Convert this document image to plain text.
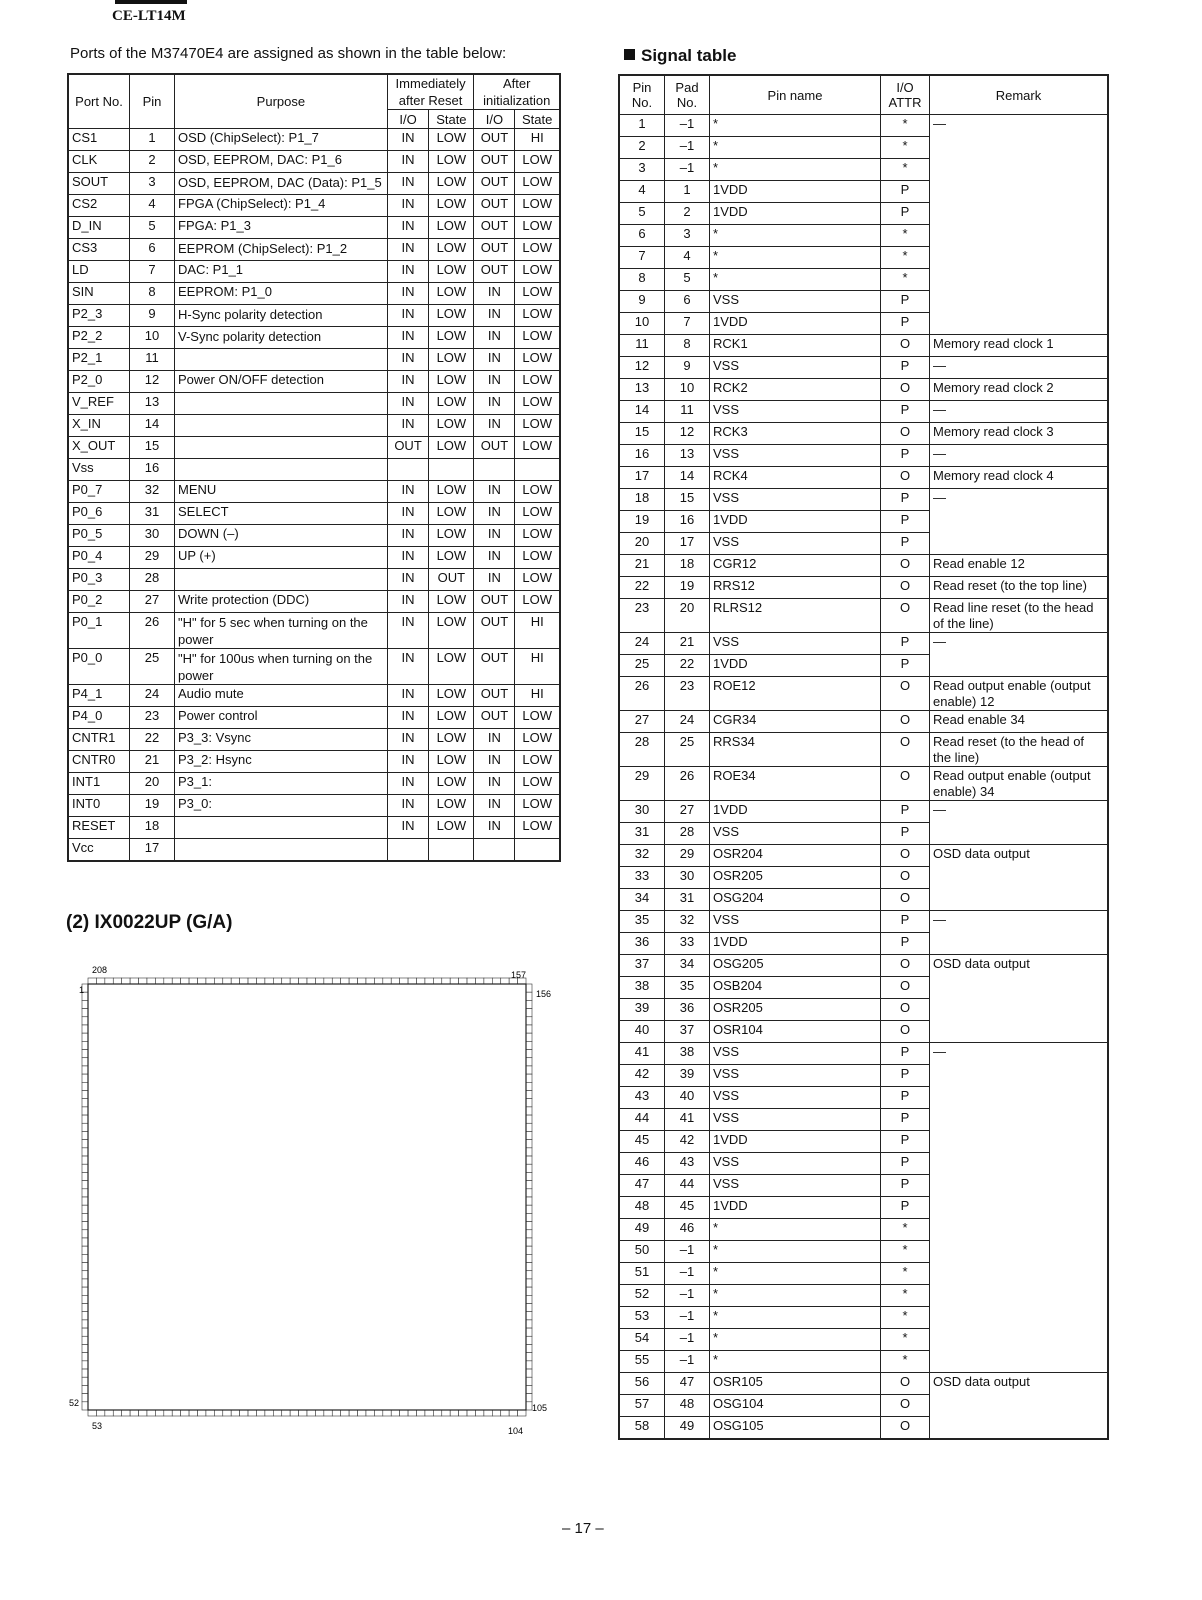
CE-LT14M
Ports of the M37470E4 are assigned as shown in the table below:
Port No.	Pin	Purpose	Immediately after Reset		After initialization	
			I/O	State	I/O	State
CS1	1	OSD (ChipSelect): P1_7	IN	LOW	OUT	HI
CLK	2	OSD, EEPROM, DAC: P1_6	IN	LOW	OUT	LOW
SOUT	3	OSD, EEPROM, DAC (Data): P1_5	IN	LOW	OUT	LOW
CS2	4	FPGA (ChipSelect): P1_4	IN	LOW	OUT	LOW
D_IN	5	FPGA: P1_3	IN	LOW	OUT	LOW
CS3	6	EEPROM (ChipSelect): P1_2	IN	LOW	OUT	LOW
LD	7	DAC: P1_1	IN	LOW	OUT	LOW
SIN	8	EEPROM: P1_0	IN	LOW	IN	LOW
P2_3	9	H-Sync polarity detection	IN	LOW	IN	LOW
P2_2	10	V-Sync polarity detection	IN	LOW	IN	LOW
P2_1	11		IN	LOW	IN	LOW
P2_0	12	Power ON/OFF detection	IN	LOW	IN	LOW
V_REF	13		IN	LOW	IN	LOW
X_IN	14		IN	LOW	IN	LOW
X_OUT	15		OUT	LOW	OUT	LOW
Vss	16					
P0_7	32	MENU	IN	LOW	IN	LOW
P0_6	31	SELECT	IN	LOW	IN	LOW
P0_5	30	DOWN (–)	IN	LOW	IN	LOW
P0_4	29	UP (+)	IN	LOW	IN	LOW
P0_3	28		IN	OUT	IN	LOW
P0_2	27	Write protection (DDC)	IN	LOW	OUT	LOW
P0_1	26	"H" for 5 sec when turning on the power	IN	LOW	OUT	HI
P0_0	25	"H" for 100us when turning on the power	IN	LOW	OUT	HI
P4_1	24	Audio mute	IN	LOW	OUT	HI
P4_0	23	Power control	IN	LOW	OUT	LOW
CNTR1	22	P3_3: Vsync	IN	LOW	IN	LOW
CNTR0	21	P3_2: Hsync	IN	LOW	IN	LOW
INT1	20	P3_1:	IN	LOW	IN	LOW
INT0	19	P3_0:	IN	LOW	IN	LOW
RESET	18		IN	LOW	IN	LOW
Vcc	17					
(2) IX0022UP (G/A)
208	157
1	156
52
53
105
104
Signal table
Pin No.	Pad No.	Pin name	I/O ATTR	Remark
1	–1	*	*	—
2	–1	*	*	
3	–1	*	*	
4	1	1VDD	P	
5	2	1VDD	P	
6	3	*	*	
7	4	*	*	
8	5	*	*	
9	6	VSS	P	
10	7	1VDD	P	
11	8	RCK1	O	Memory read clock 1
12	9	VSS	P	—
13	10	RCK2	O	Memory read clock 2
14	11	VSS	P	—
15	12	RCK3	O	Memory read clock 3
16	13	VSS	P	—
17	14	RCK4	O	Memory read clock 4
18	15	VSS	P	—
19	16	1VDD	P	
20	17	VSS	P	
21	18	CGR12	O	Read enable 12
22	19	RRS12	O	Read reset (to the top line)
23	20	RLRS12	O	Read line reset (to the head of the line)
24	21	VSS	P	—
25	22	1VDD	P	
26	23	ROE12	O	Read output enable (output enable) 12
27	24	CGR34	O	Read enable 34
28	25	RRS34	O	Read reset (to the head of the line)
29	26	ROE34	O	Read output enable (output enable) 34
30	27	1VDD	P	—
31	28	VSS	P	
32	29	OSR204	O	OSD data output
33	30	OSR205	O	
34	31	OSG204	O	
35	32	VSS	P	—
36	33	1VDD	P	
37	34	OSG205	O	OSD data output
38	35	OSB204	O	
39	36	OSR205	O	
40	37	OSR104	O	
41	38	VSS	P	—
42	39	VSS	P	
43	40	VSS	P	
44	41	VSS	P	
45	42	1VDD	P	
46	43	VSS	P	
47	44	VSS	P	
48	45	1VDD	P	
49	46	*	*	
50	–1	*	*	
51	–1	*	*	
52	–1	*	*	
53	–1	*	*	
54	–1	*	*	
55	–1	*	*	
56	47	OSR105	O	OSD data output
57	48	OSG104	O	
58	49	OSG105	O	
– 17 –
